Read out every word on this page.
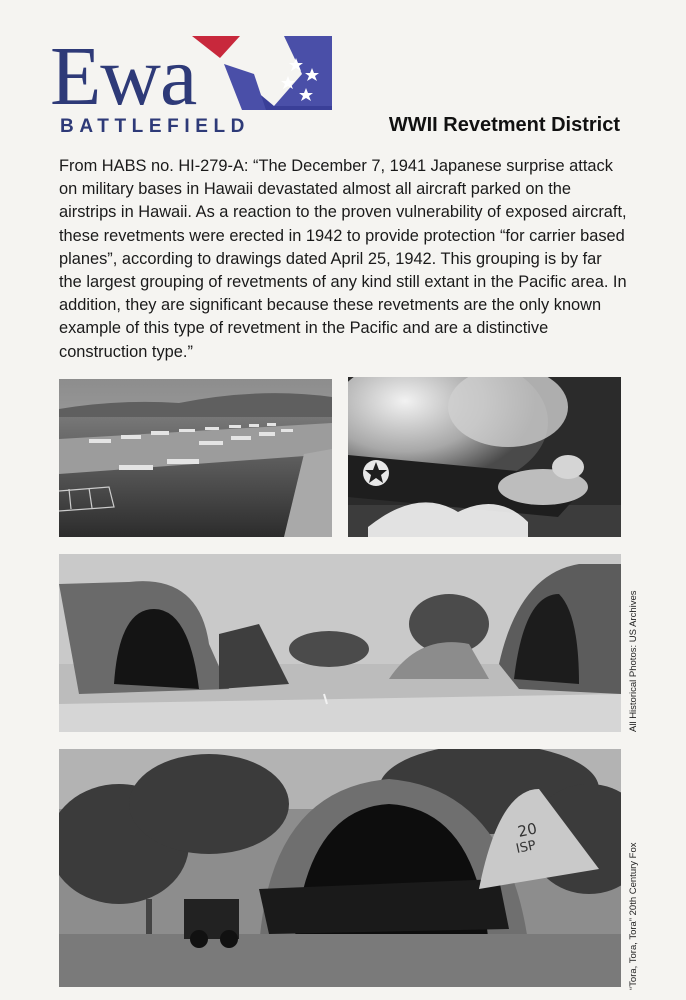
Ewa
BATTLEFIELD	WWII Revetment District

From HABS no. HI-279-A: “The December 7, 1941 Japanese surprise attack on military bases in Hawaii devastated almost all aircraft parked on the airstrips in Hawaii. As a reaction to the proven vulnerability of exposed aircraft, these revetments were erected in 1942 to provide protection “for carrier based planes”, according to drawings dated April 25, 1942. This grouping is by far the largest grouping of revetments of any kind still extant in the Pacific area. In addition, they are significant because these revetments are the only known example of this type of revetment in the Pacific and are a distinctive construction type.”

20
ISP
All Historical Photos: US Archives
“Tora, Tora, Tora” 20th Century Fox
